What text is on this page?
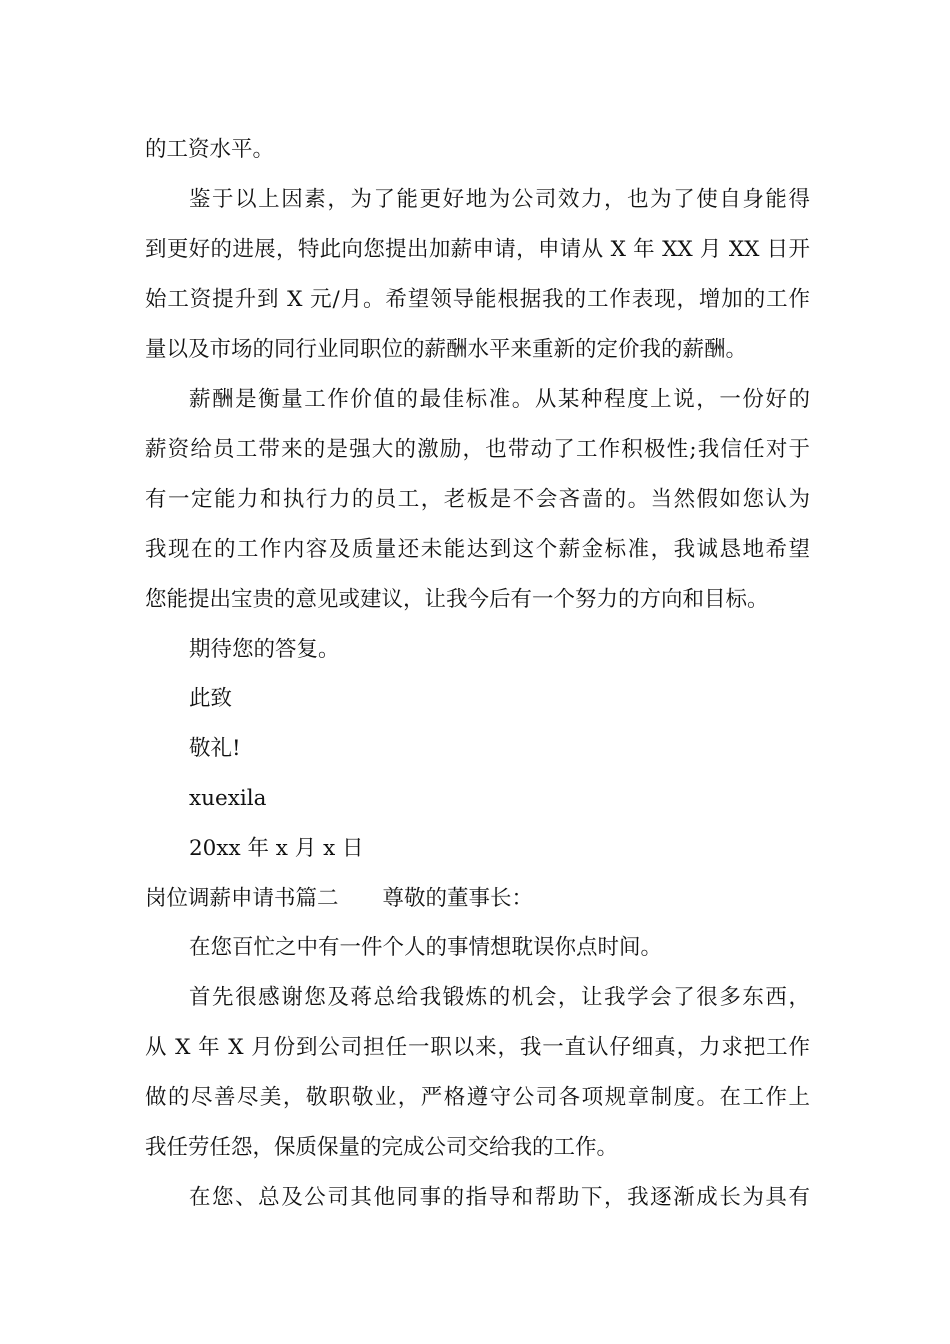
的工资水平。
鉴于以上因素，为了能更好地为公司效力，也为了使自身能得
到更好的进展，特此向您提出加薪申请，申请从 X 年 XX 月 XX 日开
始工资提升到 X 元/月。希望领导能根据我的工作表现，增加的工作
量以及市场的同行业同职位的薪酬水平来重新的定价我的薪酬。
薪酬是衡量工作价值的最佳标准。从某种程度上说，一份好的
薪资给员工带来的是强大的激励，也带动了工作积极性;我信任对于
有一定能力和执行力的员工，老板是不会吝啬的。当然假如您认为
我现在的工作内容及质量还未能达到这个薪金标准，我诚恳地希望
您能提出宝贵的意见或建议，让我今后有一个努力的方向和目标。
期待您的答复。
此致
敬礼!
xuexila
20xx 年 x 月 x 日
岗位调薪申请书篇二 尊敬的董事长：
在您百忙之中有一件个人的事情想耽误你点时间。
首先很感谢您及蒋总给我锻炼的机会，让我学会了很多东西，
从 X 年 X 月份到公司担任一职以来，我一直认仔细真，力求把工作
做的尽善尽美，敬职敬业，严格遵守公司各项规章制度。在工作上
我任劳任怨，保质保量的完成公司交给我的工作。
在您、总及公司其他同事的指导和帮助下，我逐渐成长为具有
